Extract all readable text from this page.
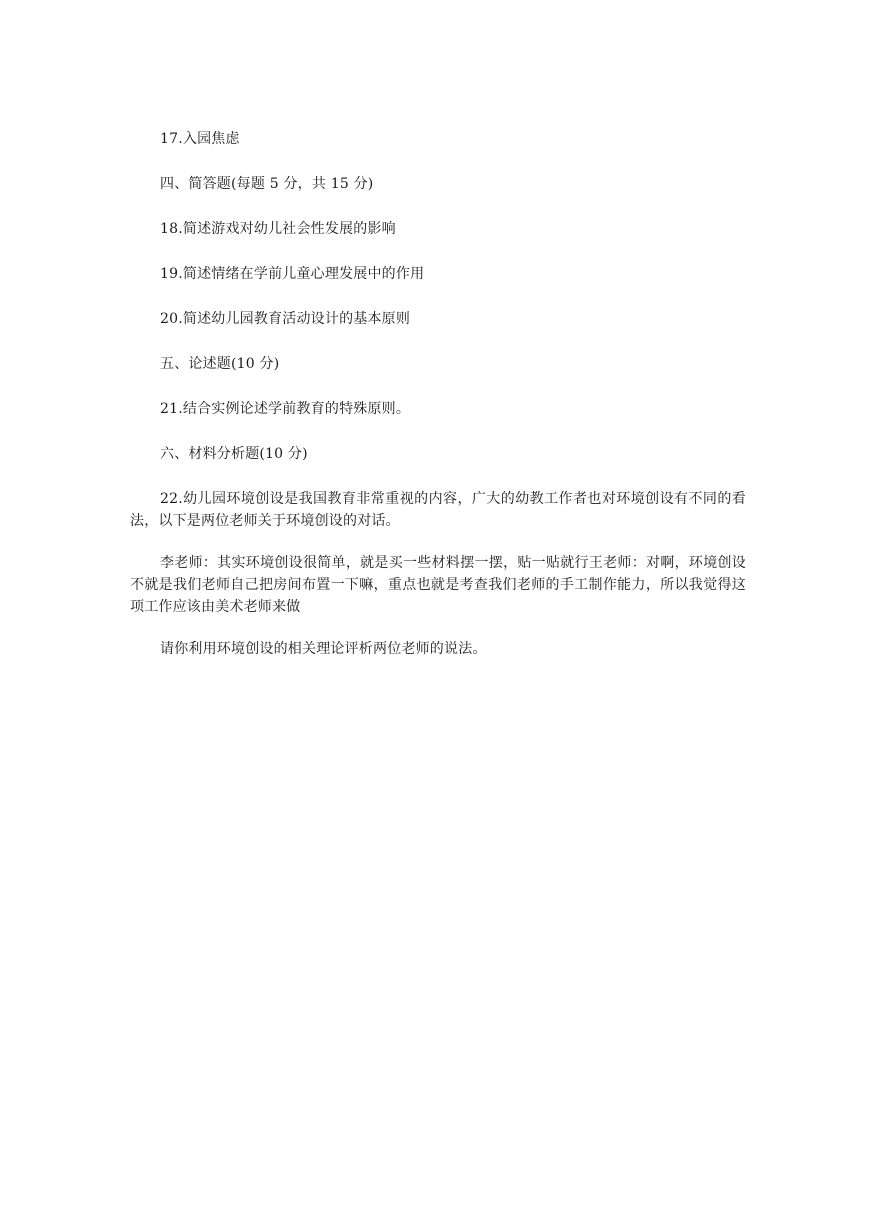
17.入园焦虑

四、简答题(每题 5 分，共 15 分)

18.简述游戏对幼儿社会性发展的影响

19.简述情绪在学前儿童心理发展中的作用

20.简述幼儿园教育活动设计的基本原则

五、论述题(10 分)

21.结合实例论述学前教育的特殊原则。

六、材料分析题(10 分)

22.幼儿园环境创设是我国教育非常重视的内容，广大的幼教工作者也对环境创设有不同的看法，以下是两位老师关于环境创设的对话。

李老师：其实环境创设很简单，就是买一些材料摆一摆，贴一贴就行王老师：对啊，环境创设不就是我们老师自己把房间布置一下嘛，重点也就是考查我们老师的手工制作能力，所以我觉得这项工作应该由美术老师来做

请你利用环境创设的相关理论评析两位老师的说法。
